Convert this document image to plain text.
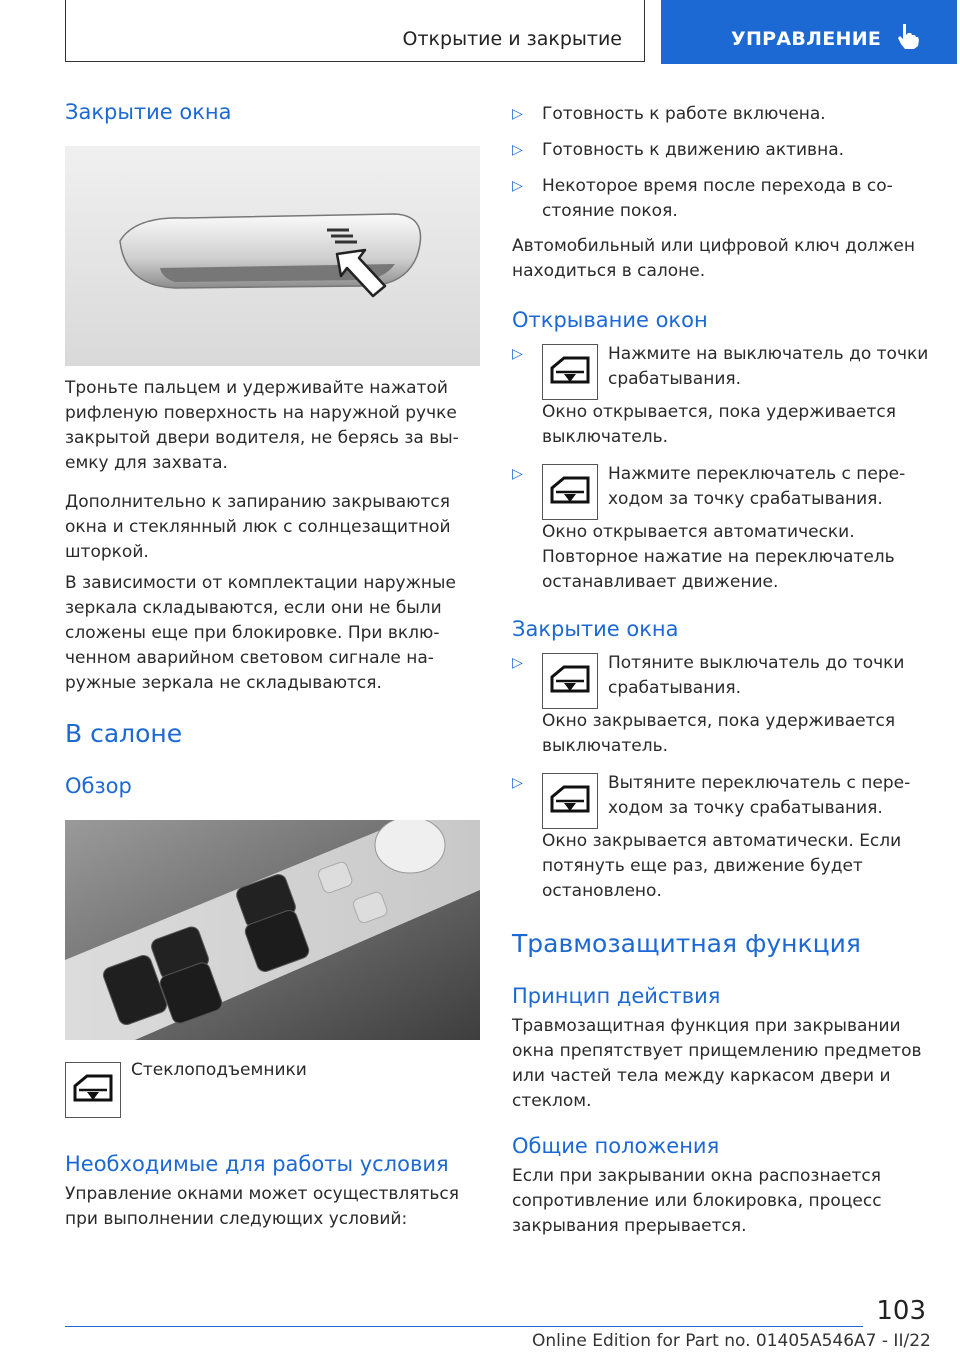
Открытие и закрытие	УПРАВЛЕНИЕ
Закрытие окна

Троньте пальцем и удерживайте нажатой рифленую поверхность на наружной ручке закрытой двери водителя, не берясь за выемку для захвата.

Дополнительно к запиранию закрываются окна и стеклянный люк с солнцезащитной шторкой.

В зависимости от комплектации наружные зеркала складываются, если они не были сложены еще при блокировке. При включенном аварийном световом сигнале наружные зеркала не складываются.

В салоне
Обзор
Стеклоподъемники
Необходимые для работы условия

Управление окнами может осуществляться при выполнении следующих условий:

▷ Готовность к работе включена.
▷ Готовность к движению активна.
▷ Некоторое время после перехода в состояние покоя.

Автомобильный или цифровой ключ должен находиться в салоне.

Открывание окон
▷	Нажмите на выключатель до точки срабатывания.

Окно открывается, пока удерживается выключатель.

▷	Нажмите переключатель с переходом за точку срабатывания.

Окно открывается автоматически. Повторное нажатие на переключатель останавливает движение.

Закрытие окна
▷	Потяните выключатель до точки срабатывания.

Окно закрывается, пока удерживается выключатель.

▷	Вытяните переключатель с переходом за точку срабатывания.

Окно закрывается автоматически. Если потянуть еще раз, движение будет остановлено.

Травмозащитная функция
Принцип действия

Травмозащитная функция при закрывании окна препятствует прищемлению предметов или частей тела между каркасом двери и стеклом.

Общие положения

Если при закрывании окна распознается сопротивление или блокировка, процесс закрывания прерывается.

103
Online Edition for Part no. 01405A546A7 - II/22
